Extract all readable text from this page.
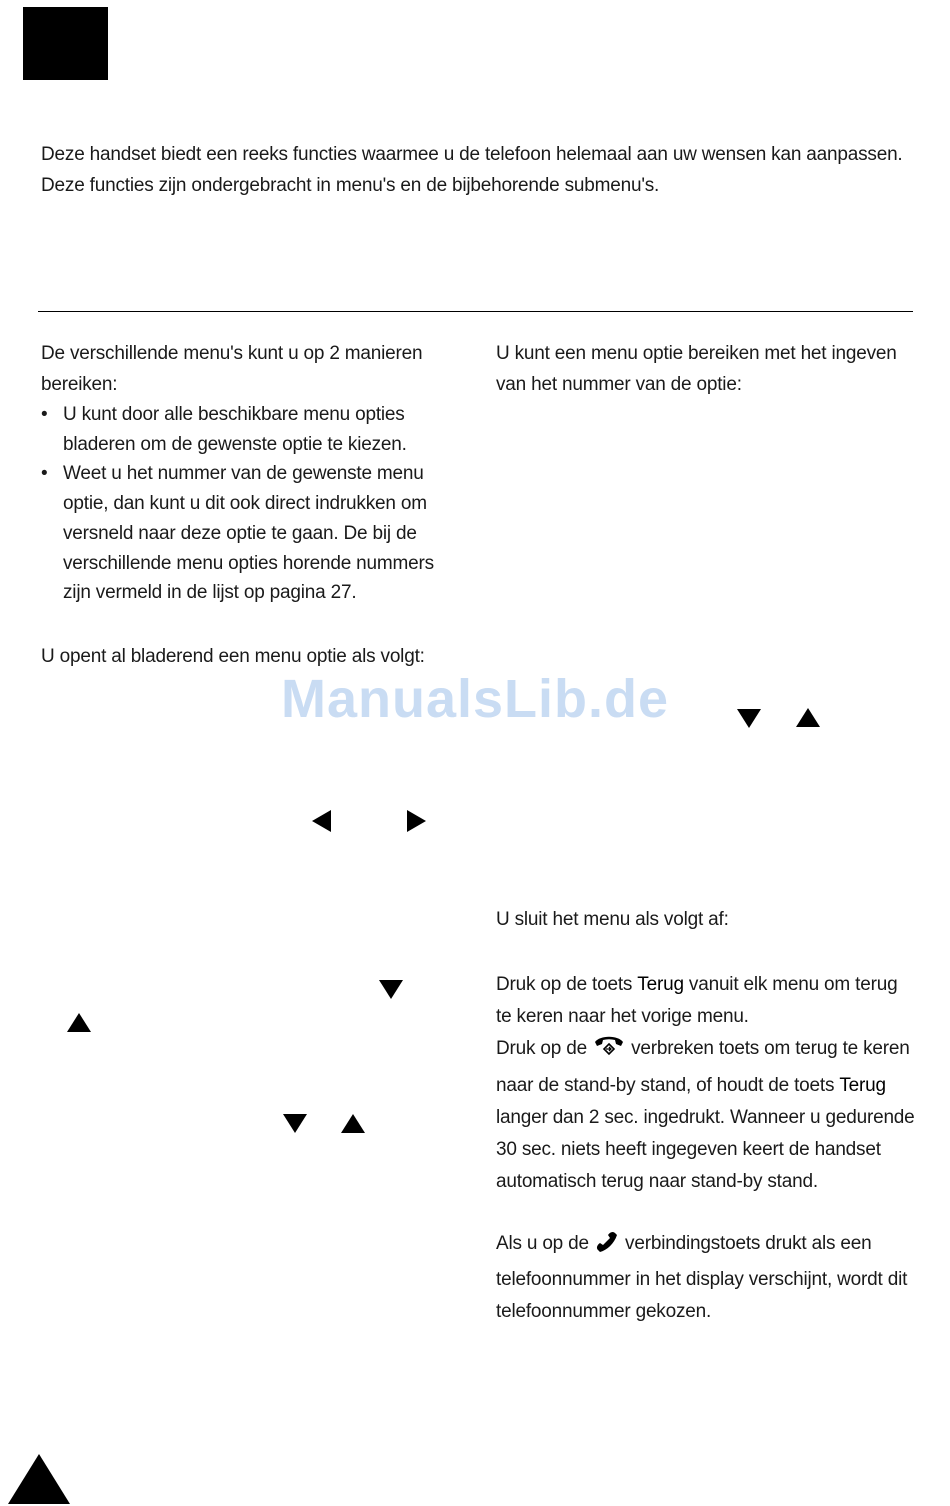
Deze handset biedt een reeks functies waarmee u de telefoon helemaal aan uw wensen kan aanpassen. Deze functies zijn ondergebracht in menu's en de bijbehorende submenu's.

De verschillende menu's kunt u op 2 manieren bereiken:

• U kunt door alle beschikbare menu opties bladeren om de gewenste optie te kiezen.
• Weet u het nummer van de gewenste menu optie, dan kunt u dit ook direct indrukken om versneld naar deze optie te gaan. De bij de verschillende menu opties horende nummers zijn vermeld in de lijst op pagina 27.

U opent al bladerend een menu optie als volgt:

U kunt een menu optie bereiken met het ingeven van het nummer van de optie:

ManualsLib.de

U sluit het menu als volgt af:

Druk op de toets Terug vanuit elk menu om terug te keren naar het vorige menu.

Druk op de  verbreken toets om terug te keren naar de stand-by stand, of houdt de toets Terug langer dan 2 sec. ingedrukt. Wanneer u gedurende 30 sec. niets heeft ingegeven keert de handset automatisch terug naar stand-by stand.

Als u op de  verbindingstoets drukt als een telefoonnummer in het display verschijnt, wordt dit telefoonnummer gekozen.
